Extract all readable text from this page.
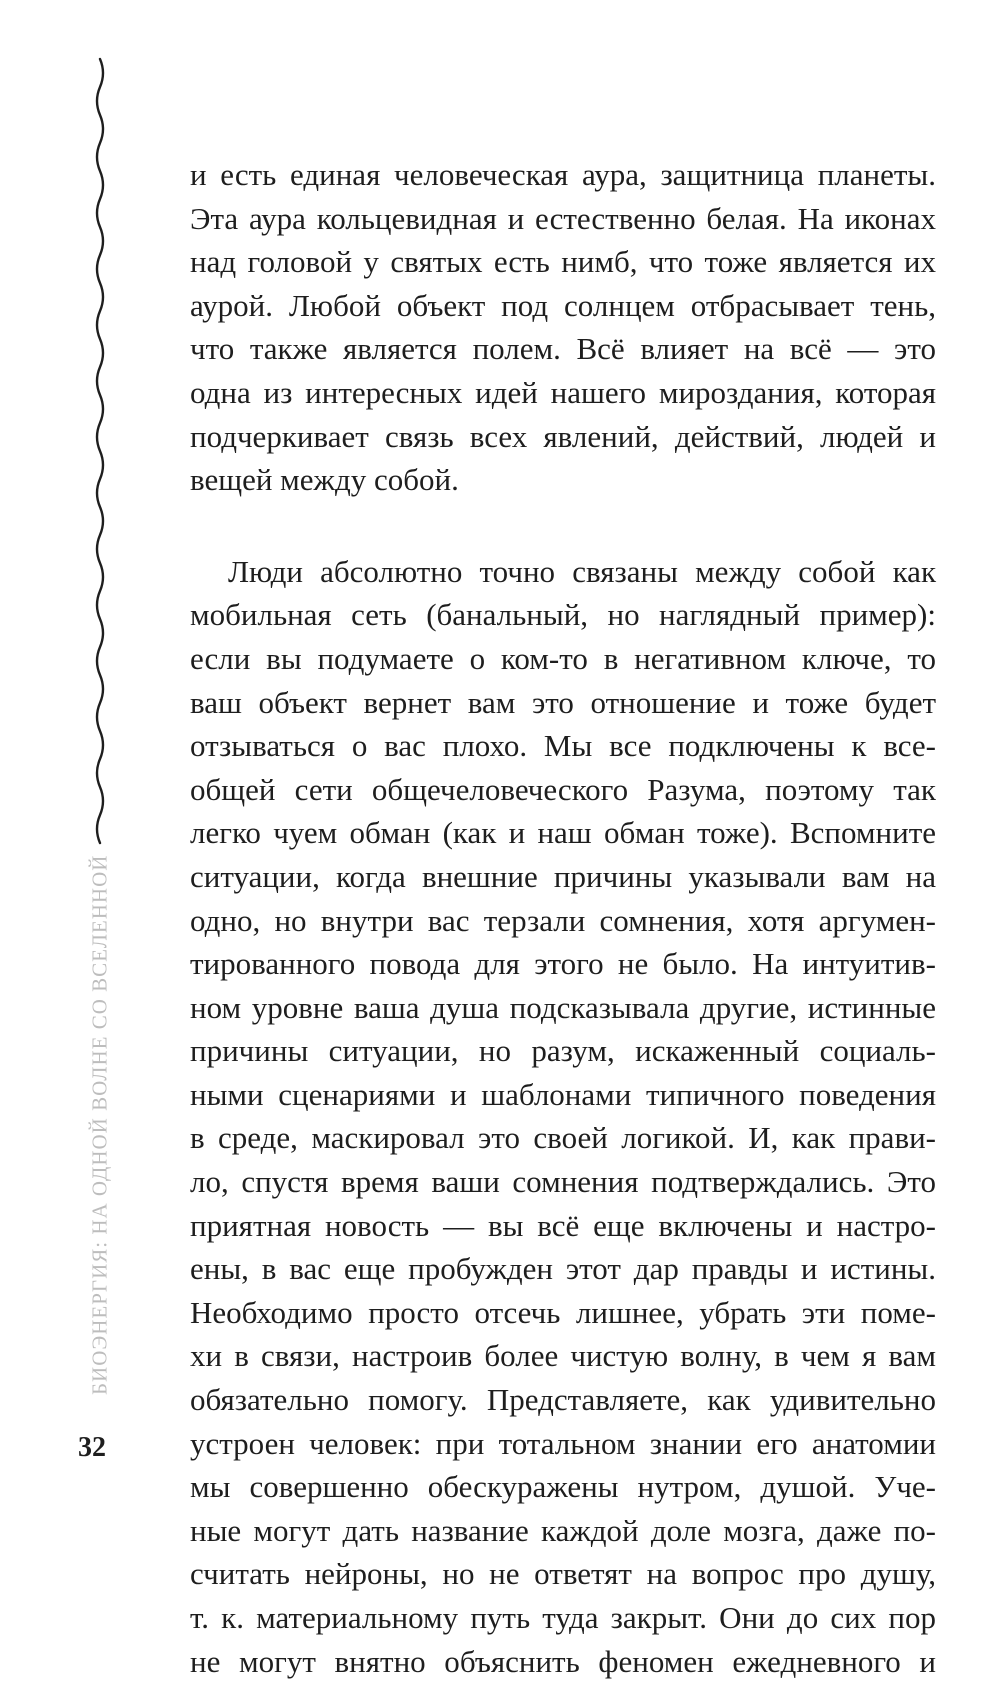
БИОЭНЕРГИЯ: НА ОДНОЙ ВОЛНЕ СО ВСЕЛЕННОЙ
32
и есть единая человеческая аура, защитница планеты.
Эта аура кольцевидная и естественно белая. На иконах
над головой у святых есть нимб, что тоже является их
аурой. Любой объект под солнцем отбрасывает тень,
что также является полем. Всё влияет на всё — это
одна из интересных идей нашего мироздания, которая
подчеркивает связь всех явлений, действий, людей и
вещей между собой.
Люди абсолютно точно связаны между собой как
мобильная сеть (банальный, но наглядный пример):
если вы подумаете о ком-то в негативном ключе, то
ваш объект вернет вам это отношение и тоже будет
отзываться о вас плохо. Мы все подключены к все-
общей сети общечеловеческого Разума, поэтому так
легко чуем обман (как и наш обман тоже). Вспомните
ситуации, когда внешние причины указывали вам на
одно, но внутри вас терзали сомнения, хотя аргумен-
тированного повода для этого не было. На интуитив-
ном уровне ваша душа подсказывала другие, истинные
причины ситуации, но разум, искаженный социаль-
ными сценариями и шаблонами типичного поведения
в среде, маскировал это своей логикой. И, как прави-
ло, спустя время ваши сомнения подтверждались. Это
приятная новость — вы всё еще включены и настро-
ены, в вас еще пробужден этот дар правды и истины.
Необходимо просто отсечь лишнее, убрать эти поме-
хи в связи, настроив более чистую волну, в чем я вам
обязательно помогу. Представляете, как удивительно
устроен человек: при тотальном знании его анатомии
мы совершенно обескуражены нутром, душой. Уче-
ные могут дать название каждой доле мозга, даже по-
считать нейроны, но не ответят на вопрос про душу,
т. к. материальному путь туда закрыт. Они до сих пор
не могут внятно объяснить феномен ежедневного и
